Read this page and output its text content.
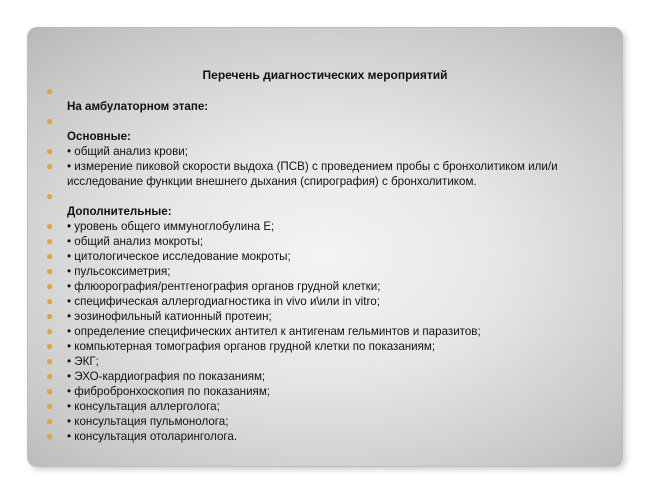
Перечень диагностических мероприятий
●
На амбулаторном этапе:
●
Основные:
● • общий анализ крови;
● • измерение пиковой скорости выдоха (ПСВ) с проведением пробы с бронхолитиком или/и исследование функции внешнего дыхания (спирография) с бронхолитиком.
●
Дополнительные:
● • уровень общего иммуноглобулина Е;
● • общий анализ мокроты;
● • цитологическое исследование мокроты;
● • пульсоксиметрия;
● • флюорография/рентгенография органов грудной клетки;
● • специфическая аллергодиагностика in vivo и\или in vitro;
● • эозинофильный катионный протеин;
● • определение специфических антител к антигенам гельминтов и паразитов;
● • компьютерная томография органов грудной клетки по показаниям;
● • ЭКГ;
● • ЭХО-кардиография по показаниям;
● • фибробронхоскопия по показаниям;
● • консультация аллерголога;
● • консультация пульмонолога;
● • консультация отоларинголога.
